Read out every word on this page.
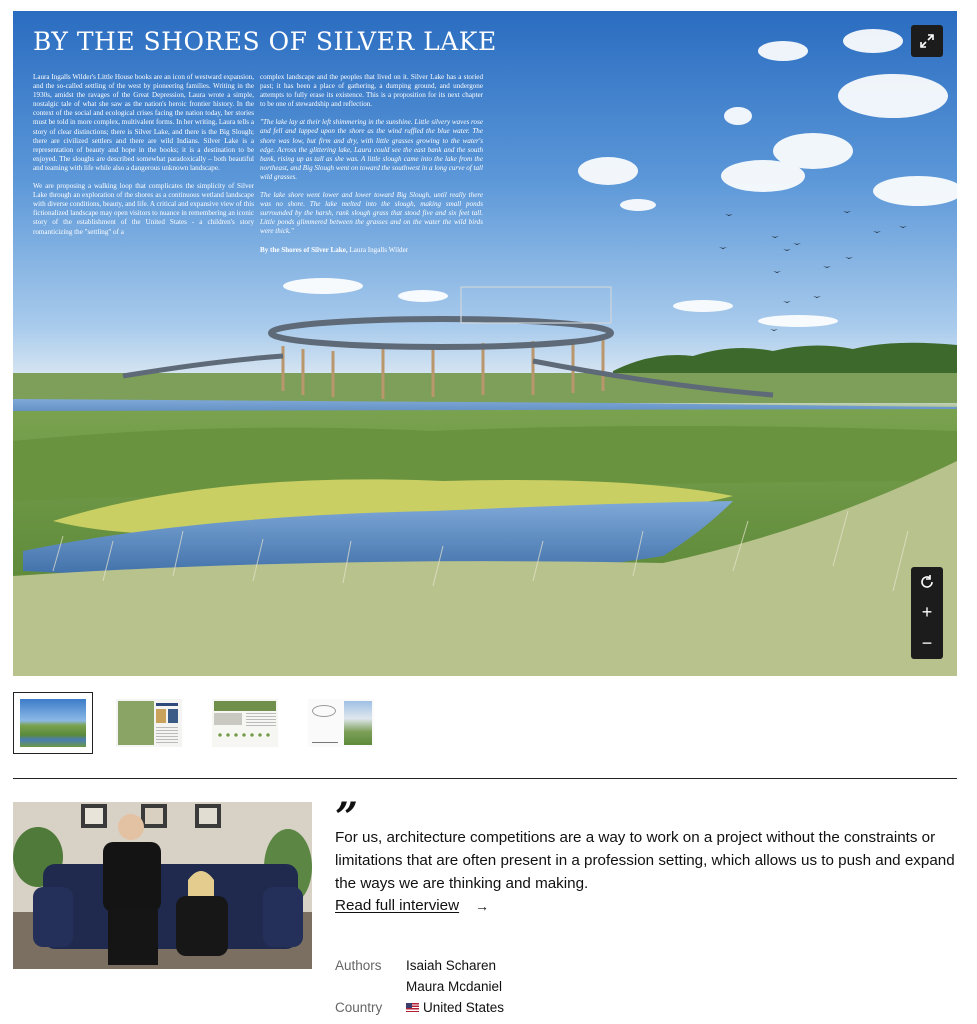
BY THE SHORES OF SILVER LAKE

Laura Ingalls Wilder's Little House books are an icon of westward expansion, and the so-called settling of the west by pioneering families. Writing in the 1930s, amidst the ravages of the Great Depression, Laura wrote a simple, nostalgic tale of what she saw as the nation's heroic frontier history. In the context of the social and ecological crises facing the nation today, her stories must be told in more complex, multivalent forms. In her writing, Laura tells a story of clear distinctions; there is Silver Lake, and there is the Big Slough; there are civilized settlers and there are wild Indians. Silver Lake is a representation of beauty and hope in the books; it is a destination to be enjoyed. The sloughs are described somewhat paradoxically – both beautiful and teaming with life while also a dangerous unknown landscape.

We are proposing a walking loop that complicates the simplicity of Silver Lake through an exploration of the shores as a continuous wetland landscape with diverse conditions, beauty, and life. A critical and expansive view of this fictionalized landscape may open visitors to nuance in remembering an iconic story of the establishment of the United States - a children's story romanticizing the "settling" of a

complex landscape and the peoples that lived on it. Silver Lake has a storied past; it has been a place of gathering, a dumping ground, and undergone attempts to fully erase its existence. This is a proposition for its next chapter to be one of stewardship and reflection.

"The lake lay at their left shimmering in the sunshine. Little silvery waves rose and fell and lapped upon the shore as the wind ruffled the blue water. The shore was low, but firm and dry, with little grasses growing to the water's edge. Across the glittering lake, Laura could see the east bank and the south bank, rising up as tall as she was. A little slough came into the lake from the northeast, and Big Slough went on toward the southwest in a long curve of tall wild grasses.

The lake shore went lower and lower toward Big Slough, until really there was no shore. The lake melted into the slough, making small ponds surrounded by the harsh, rank slough grass that stood five and six feet tall. Little ponds glimmered between the grasses and on the water the wild birds were thick."

By the Shores of Silver Lake, Laura Ingalls Wilder

+
−
”
For us, architecture competitions are a way to work on a project without the constraints or limitations that are often present in a profession setting, which allows us to push and expand the ways we are thinking and making.
Read full interview →
Authors Isaiah Scharen
Maura Mcdaniel
Country	United States
